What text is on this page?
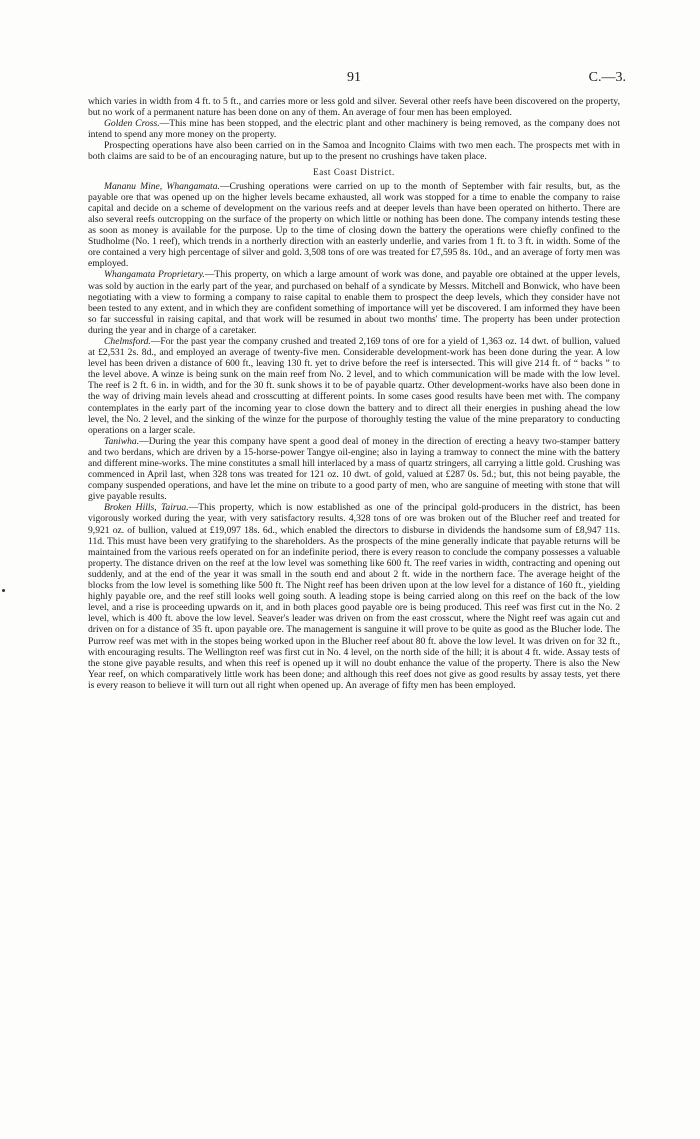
91	C.—3.

which varies in width from 4 ft. to 5 ft., and carries more or less gold and silver. Several other reefs have been discovered on the property, but no work of a permanent nature has been done on any of them. An average of four men has been employed.

Golden Cross.—This mine has been stopped, and the electric plant and other machinery is being removed, as the company does not intend to spend any more money on the property.

Prospecting operations have also been carried on in the Samoa and Incognito Claims with two men each. The prospects met with in both claims are said to be of an encouraging nature, but up to the present no crushings have taken place.

East Coast District.

Mananu Mine, Whangamata.—Crushing operations were carried on up to the month of September with fair results, but, as the payable ore that was opened up on the higher levels became exhausted, all work was stopped for a time to enable the company to raise capital and decide on a scheme of development on the various reefs and at deeper levels than have been operated on hitherto. There are also several reefs outcropping on the surface of the property on which little or nothing has been done. The company intends testing these as soon as money is available for the purpose. Up to the time of closing down the battery the operations were chiefly confined to the Studholme (No. 1 reef), which trends in a northerly direction with an easterly underlie, and varies from 1 ft. to 3 ft. in width. Some of the ore contained a very high percentage of silver and gold. 3,508 tons of ore was treated for £7,595 8s. 10d., and an average of forty men was employed.

Whangamata Proprietary.—This property, on which a large amount of work was done, and payable ore obtained at the upper levels, was sold by auction in the early part of the year, and purchased on behalf of a syndicate by Messrs. Mitchell and Bonwick, who have been negotiating with a view to forming a company to raise capital to enable them to prospect the deep levels, which they consider have not been tested to any extent, and in which they are confident something of importance will yet be discovered. I am informed they have been so far successful in raising capital, and that work will be resumed in about two months' time. The property has been under protection during the year and in charge of a caretaker.

Chelmsford.—For the past year the company crushed and treated 2,169 tons of ore for a yield of 1,363 oz. 14 dwt. of bullion, valued at £2,531 2s. 8d., and employed an average of twenty-five men. Considerable development-work has been done during the year. A low level has been driven a distance of 600 ft., leaving 130 ft. yet to drive before the reef is intersected. This will give 214 ft. of “ backs ” to the level above. A winze is being sunk on the main reef from No. 2 level, and to which communication will be made with the low level. The reef is 2 ft. 6 in. in width, and for the 30 ft. sunk shows it to be of payable quartz. Other development-works have also been done in the way of driving main levels ahead and crosscutting at different points. In some cases good results have been met with. The company contemplates in the early part of the incoming year to close down the battery and to direct all their energies in pushing ahead the low level, the No. 2 level, and the sinking of the winze for the purpose of thoroughly testing the value of the mine preparatory to conducting operations on a larger scale.

Taniwha.—During the year this company have spent a good deal of money in the direction of erecting a heavy two-stamper battery and two berdans, which are driven by a 15-horse-power Tangye oil-engine; also in laying a tramway to connect the mine with the battery and different mine-works. The mine constitutes a small hill interlaced by a mass of quartz stringers, all carrying a little gold. Crushing was commenced in April last, when 328 tons was treated for 121 oz. 10 dwt. of gold, valued at £287 0s. 5d.; but, this not being payable, the company suspended operations, and have let the mine on tribute to a good party of men, who are sanguine of meeting with stone that will give payable results.

Broken Hills, Tairua.—This property, which is now established as one of the principal gold-producers in the district, has been vigorously worked during the year, with very satisfactory results. 4,328 tons of ore was broken out of the Blucher reef and treated for 9,921 oz. of bullion, valued at £19,097 18s. 6d., which enabled the directors to disburse in dividends the handsome sum of £8,947 11s. 11d. This must have been very gratifying to the shareholders. As the prospects of the mine generally indicate that payable returns will be maintained from the various reefs operated on for an indefinite period, there is every reason to conclude the company possesses a valuable property. The distance driven on the reef at the low level was something like 600 ft. The reef varies in width, contracting and opening out suddenly, and at the end of the year it was small in the south end and about 2 ft. wide in the northern face. The average height of the blocks from the low level is something like 500 ft. The Night reef has been driven upon at the low level for a distance of 160 ft., yielding highly payable ore, and the reef still looks well going south. A leading stope is being carried along on this reef on the back of the low level, and a rise is proceeding upwards on it, and in both places good payable ore is being produced. This reef was first cut in the No. 2 level, which is 400 ft. above the low level. Seaver's leader was driven on from the east crosscut, where the Night reef was again cut and driven on for a distance of 35 ft. upon payable ore. The management is sanguine it will prove to be quite as good as the Blucher lode. The Purrow reef was met with in the stopes being worked upon in the Blucher reef about 80 ft. above the low level. It was driven on for 32 ft., with encouraging results. The Wellington reef was first cut in No. 4 level, on the north side of the hill; it is about 4 ft. wide. Assay tests of the stone give payable results, and when this reef is opened up it will no doubt enhance the value of the property. There is also the New Year reef, on which comparatively little work has been done; and although this reef does not give as good results by assay tests, yet there is every reason to believe it will turn out all right when opened up. An average of fifty men has been employed.
